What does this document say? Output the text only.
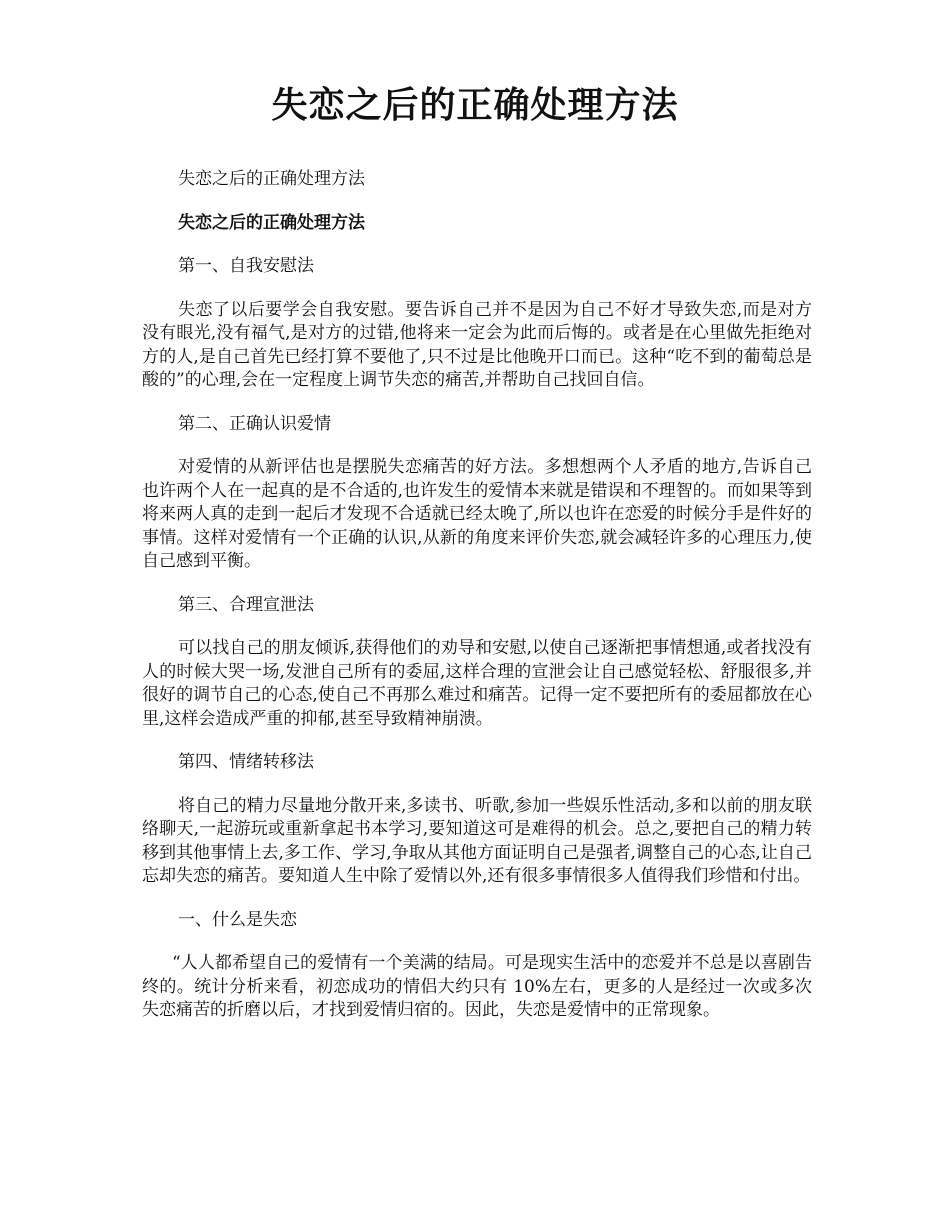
失恋之后的正确处理方法

失恋之后的正确处理方法

失恋之后的正确处理方法

第一、自我安慰法

失恋了以后要学会自我安慰。要告诉自己并不是因为自己不好才导致失恋,而是对方没有眼光,没有福气,是对方的过错,他将来一定会为此而后悔的。或者是在心里做先拒绝对方的人,是自己首先已经打算不要他了,只不过是比他晚开口而已。这种“吃不到的葡萄总是酸的”的心理,会在一定程度上调节失恋的痛苦,并帮助自己找回自信。

第二、正确认识爱情

对爱情的从新评估也是摆脱失恋痛苦的好方法。多想想两个人矛盾的地方,告诉自己也许两个人在一起真的是不合适的,也许发生的爱情本来就是错误和不理智的。而如果等到将来两人真的走到一起后才发现不合适就已经太晚了,所以也许在恋爱的时候分手是件好的事情。这样对爱情有一个正确的认识,从新的角度来评价失恋,就会减轻许多的心理压力,使自己感到平衡。

第三、合理宣泄法

可以找自己的朋友倾诉,获得他们的劝导和安慰,以使自己逐渐把事情想通,或者找没有人的时候大哭一场,发泄自己所有的委屈,这样合理的宣泄会让自己感觉轻松、舒服很多,并很好的调节自己的心态,使自己不再那么难过和痛苦。记得一定不要把所有的委屈都放在心里,这样会造成严重的抑郁,甚至导致精神崩溃。

第四、情绪转移法

将自己的精力尽量地分散开来,多读书、听歌,参加一些娱乐性活动,多和以前的朋友联络聊天,一起游玩或重新拿起书本学习,要知道这可是难得的机会。总之,要把自己的精力转移到其他事情上去,多工作、学习,争取从其他方面证明自己是强者,调整自己的心态,让自己忘却失恋的痛苦。要知道人生中除了爱情以外,还有很多事情很多人值得我们珍惜和付出。

一、什么是失恋

“人人都希望自己的爱情有一个美满的结局。可是现实生活中的恋爱并不总是以喜剧告终的。统计分析来看，初恋成功的情侣大约只有 10%左右，更多的人是经过一次或多次失恋痛苦的折磨以后，才找到爱情归宿的。因此，失恋是爱情中的正常现象。
